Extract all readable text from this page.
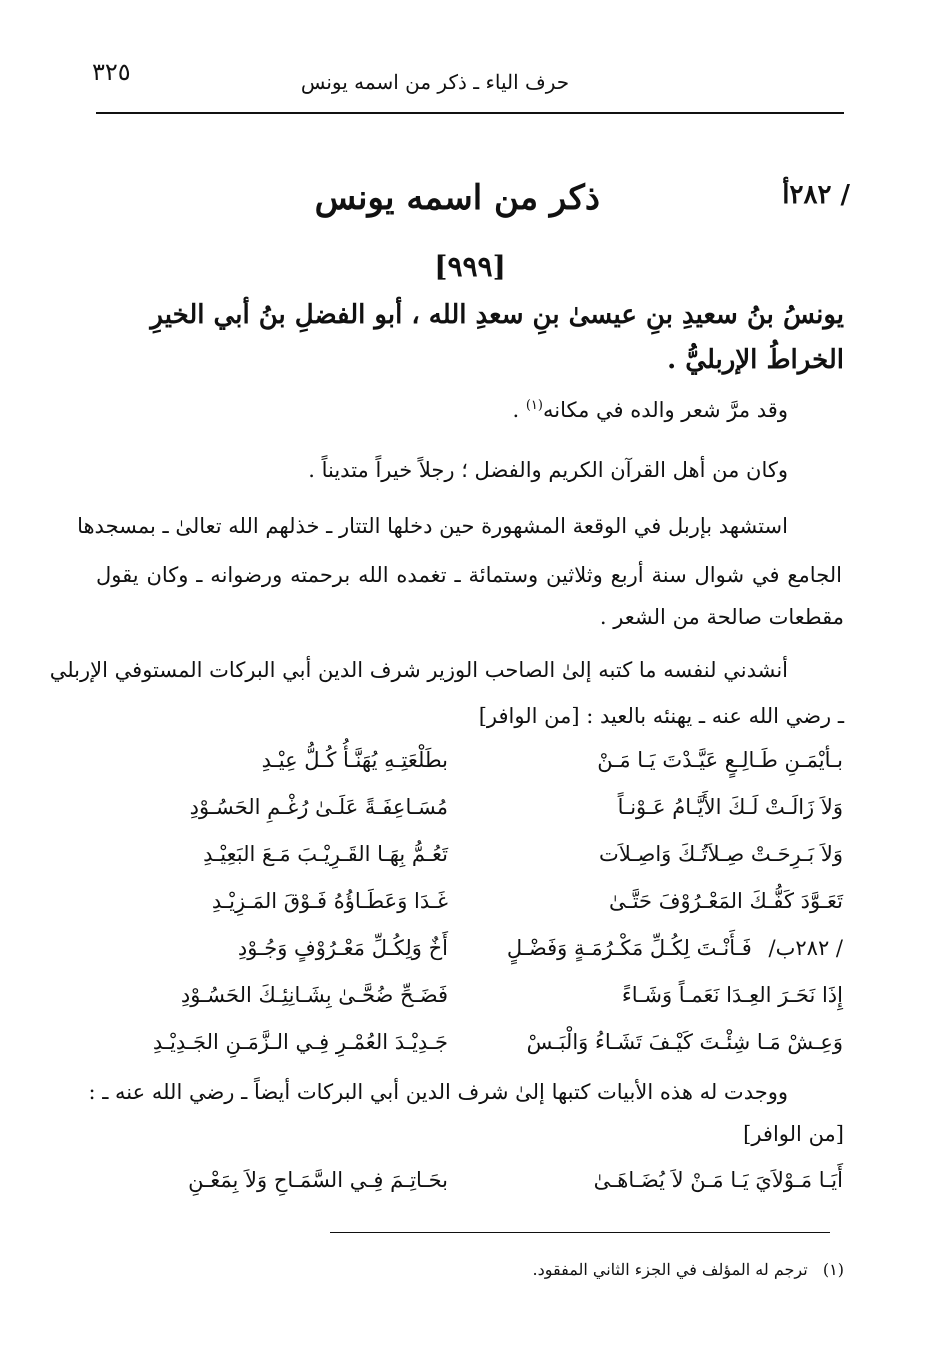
حرف الياء ـ ذكر من اسمه يونس
٣٢٥
/ ٢٨٢أ
ذكر من اسمه يونس
[٩٩٩]
يونسُ بنُ سعيدِ بنِ عيسىٰ بنِ سعدِ الله ، أبو الفضلِ بنُ أبي الخيرِ
الخراطُ الإربليُّ .
وقد مرَّ شعر والده في مكانه$^{(١)}$ .
وكان من أهل القرآن الكريم والفضل ؛ رجلاً خيراً متديناً .
استشهد بإربل في الوقعة المشهورة حين دخلها التتار ـ خذلهم الله تعالىٰ ـ بمسجدها
الجامع في شوال سنة أربع وثلاثين وستمائة ـ تغمده الله برحمته ورضوانه ـ وكان يقول
مقطعات صالحة من الشعر .
أنشدني لنفسه ما كتبه إلىٰ الصاحب الوزير شرف الدين أبي البركات المستوفي الإربلي
ـ رضي الله عنه ـ يهنئه بالعيد : [من الوافر]
بـأيْمَـنِ طَـالِـعٍ عَيَّـدْتَ يَـا مَـنْ
بطَلْعَتِـهِ يُهَنَّـأُ كُـلُّ عِيْـدِ
وَلاَ زَالَـتْ لَـكَ الأَيَّـامُ عَـوْنـاً
مُسَـاعِفَـةً عَلَـىٰ رُغْـمِ الحَسُـوْدِ
وَلاَ بَـرِحَـتْ صِـلاَتُـكَ وَاصِـلاَت
تَعُـمُّ بِهَـا القَـرِيْـبَ مَـعَ البَعِيْـدِ
تَعَـوَّدَ كَفُّـكَ المَعْـرُوْفَ حَتَّـىٰ
غَـدَا وَعَطَـاؤُهُ فَـوْقَ المَـزِيْـدِ
/ ٢٨٢ب/ فَـأَنْـتَ لِكُـلِّ مَكْـرُمَـةٍ وَفَضْـلٍ
أَخٌ وَلِكُـلِّ مَعْـرُوْفٍ وَجُـوْدِ
إِذَا نَحَـرَ العِـدَا نَعَمـاً وَشَـاءً
فَضَـحِّ ضُحَّـىٰ بِشَـانِئِـكَ الحَسُـوْدِ
وَعِـشْ مَـا شِئْـتَ كَيْـفَ تَشَـاءُ وَالْبَـسْ
جَـدِيْـدَ العُمْـرِ فِـي الـزَّمَـنِ الجَـدِيْـدِ
ووجدت له هذه الأبيات كتبها إلىٰ شرف الدين أبي البركات أيضاً ـ رضي الله عنه ـ :
[من الوافر]
أَيَـا مَـوْلاَيَ يَـا مَـنْ لاَ يُضَـاهَـىٰ
بحَـاتِـمَ فِـي السَّمَـاحِ وَلاَ بِمَعْـنِ
(١)   ترجم له المؤلف في الجزء الثاني المفقود.
